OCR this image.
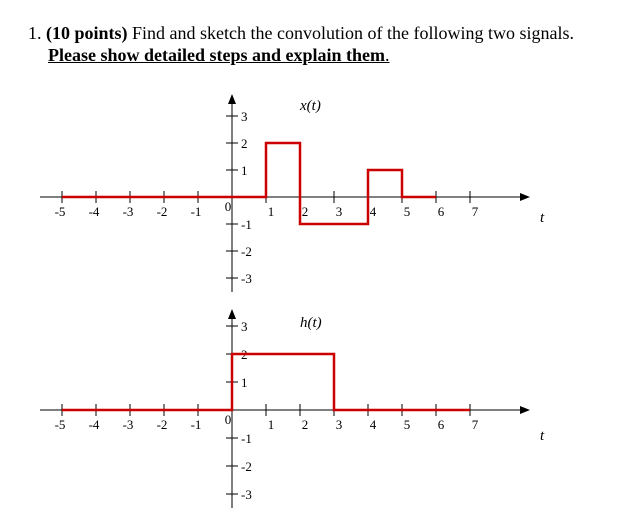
1. (10 points) Find and sketch the convolution of the following two signals.
Please show detailed steps and explain them.
-5 -4 -3 -2 -1 0	1 2 3 4 5 6 7
3
2
1
-1
-2
-3
x(t)
t
-5 -4 -3 -2 -1 0	1 2 3 4 5 6 7
3
2
1
-1
-2
-3
h(t)
t
